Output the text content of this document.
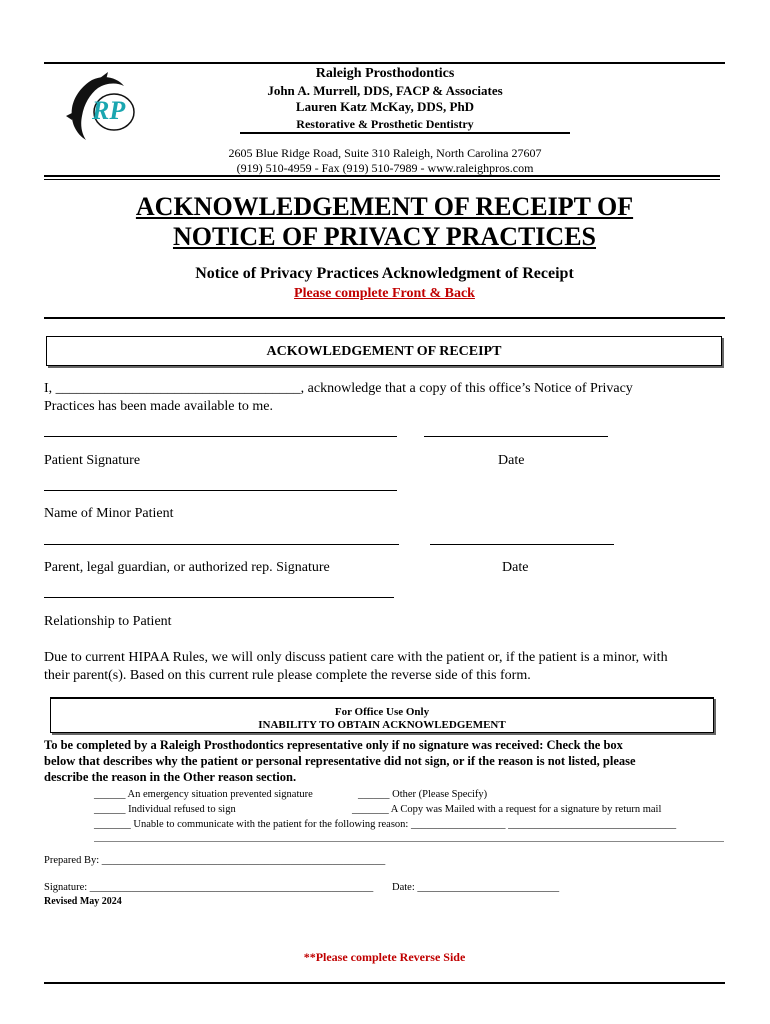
RP
Raleigh Prosthodontics
John A. Murrell, DDS, FACP & Associates
Lauren Katz McKay, DDS, PhD
Restorative & Prosthetic Dentistry
2605 Blue Ridge Road, Suite 310 Raleigh, North Carolina 27607
(919) 510-4959 - Fax (919) 510-7989 - www.raleighpros.com
ACKNOWLEDGEMENT OF RECEIPT OF
NOTICE OF PRIVACY PRACTICES
Notice of Privacy Practices Acknowledgment of Receipt
Please complete Front & Back
ACKOWLEDGEMENT OF RECEIPT
I, ___________________________________, acknowledge that a copy of this office’s Notice of Privacy
Practices has been made available to me.
Patient Signature	Date
Name of Minor Patient
Parent, legal guardian, or authorized rep. Signature	Date
Relationship to Patient
Due to current HIPAA Rules, we will only discuss patient care with the patient or, if the patient is a minor, with
their parent(s). Based on this current rule please complete the reverse side of this form.
For Office Use Only
INABILITY TO OBTAIN ACKNOWLEDGEMENT
To be completed by a Raleigh Prosthodontics representative only if no signature was received: Check the box
below that describes why the patient or personal representative did not sign, or if the reason is not listed, please
describe the reason in the Other reason section.
______ An emergency situation prevented signature	______ Other (Please Specify)
______ Individual refused to sign	_______ A Copy was Mailed with a request for a signature by return mail
_______ Unable to communicate with the patient for the following reason: __________________ ________________________________
Prepared By: ______________________________________________________
Signature: ______________________________________________________ Date: ___________________________
Revised May 2024
**Please complete Reverse Side
